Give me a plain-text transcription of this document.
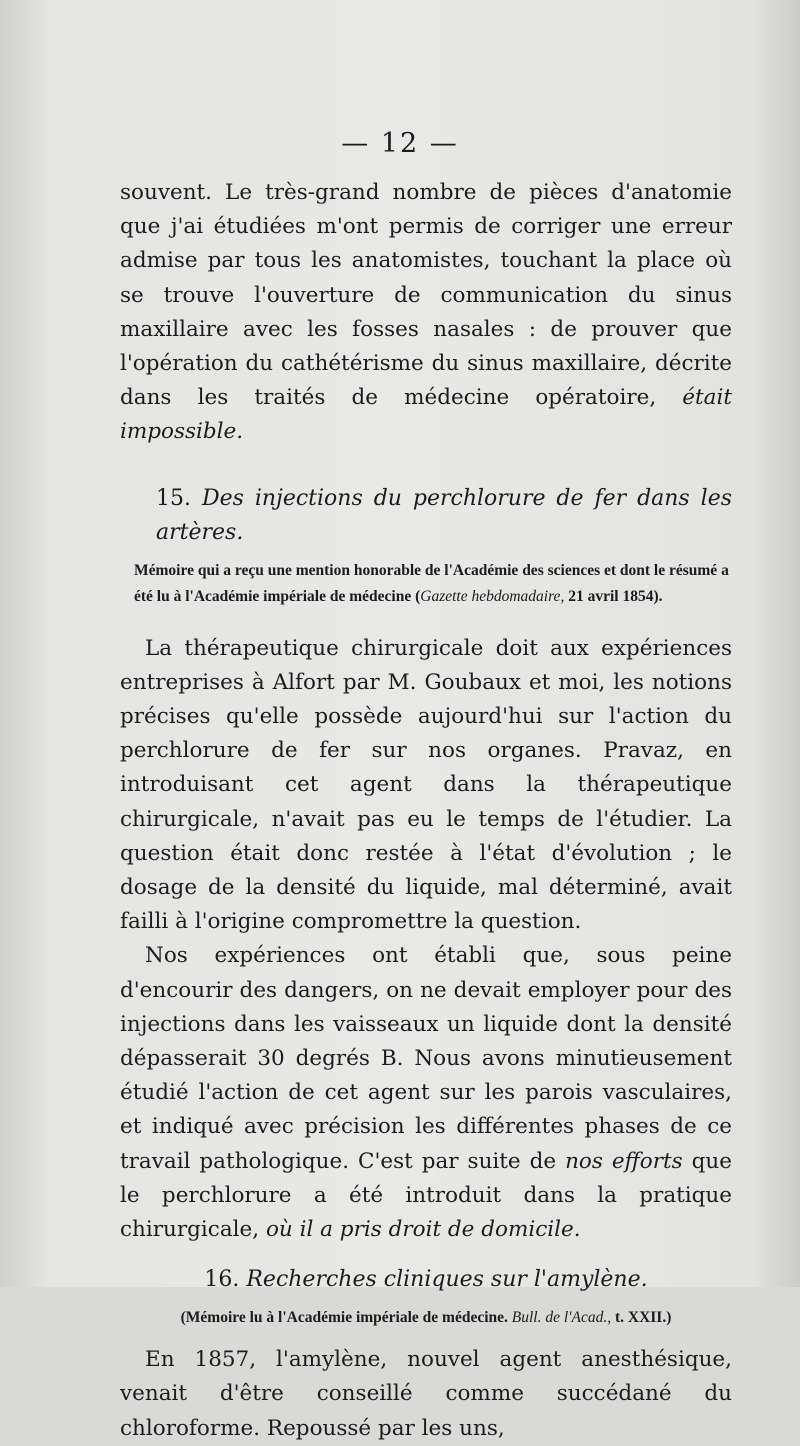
— 12 —

souvent. Le très-grand nombre de pièces d'anatomie que j'ai étudiées m'ont permis de corriger une erreur admise par tous les anatomistes, touchant la place où se trouve l'ouverture de communication du sinus maxillaire avec les fosses nasales : de prouver que l'opération du cathétérisme du sinus maxillaire, décrite dans les traités de médecine opératoire, était impossible.

15. Des injections du perchlorure de fer dans les artères.
Mémoire qui a reçu une mention honorable de l'Académie des sciences et dont le résumé a été lu à l'Académie impériale de médecine (Gazette hebdomadaire, 21 avril 1854).

La thérapeutique chirurgicale doit aux expériences entreprises à Alfort par M. Goubaux et moi, les notions précises qu'elle possède aujourd'hui sur l'action du perchlorure de fer sur nos organes. Pravaz, en introduisant cet agent dans la thérapeutique chirurgicale, n'avait pas eu le temps de l'étudier. La question était donc restée à l'état d'évolution ; le dosage de la densité du liquide, mal déterminé, avait failli à l'origine compromettre la question.

Nos expériences ont établi que, sous peine d'encourir des dangers, on ne devait employer pour des injections dans les vaisseaux un liquide dont la densité dépasserait 30 degrés B. Nous avons minutieusement étudié l'action de cet agent sur les parois vasculaires, et indiqué avec précision les différentes phases de ce travail pathologique. C'est par suite de nos efforts que le perchlorure a été introduit dans la pratique chirurgicale, où il a pris droit de domicile.

16. Recherches cliniques sur l'amylène.
(Mémoire lu à l'Académie impériale de médecine. Bull. de l'Acad., t. XXII.)

En 1857, l'amylène, nouvel agent anesthésique, venait d'être conseillé comme succédané du chloroforme. Repoussé par les uns,
